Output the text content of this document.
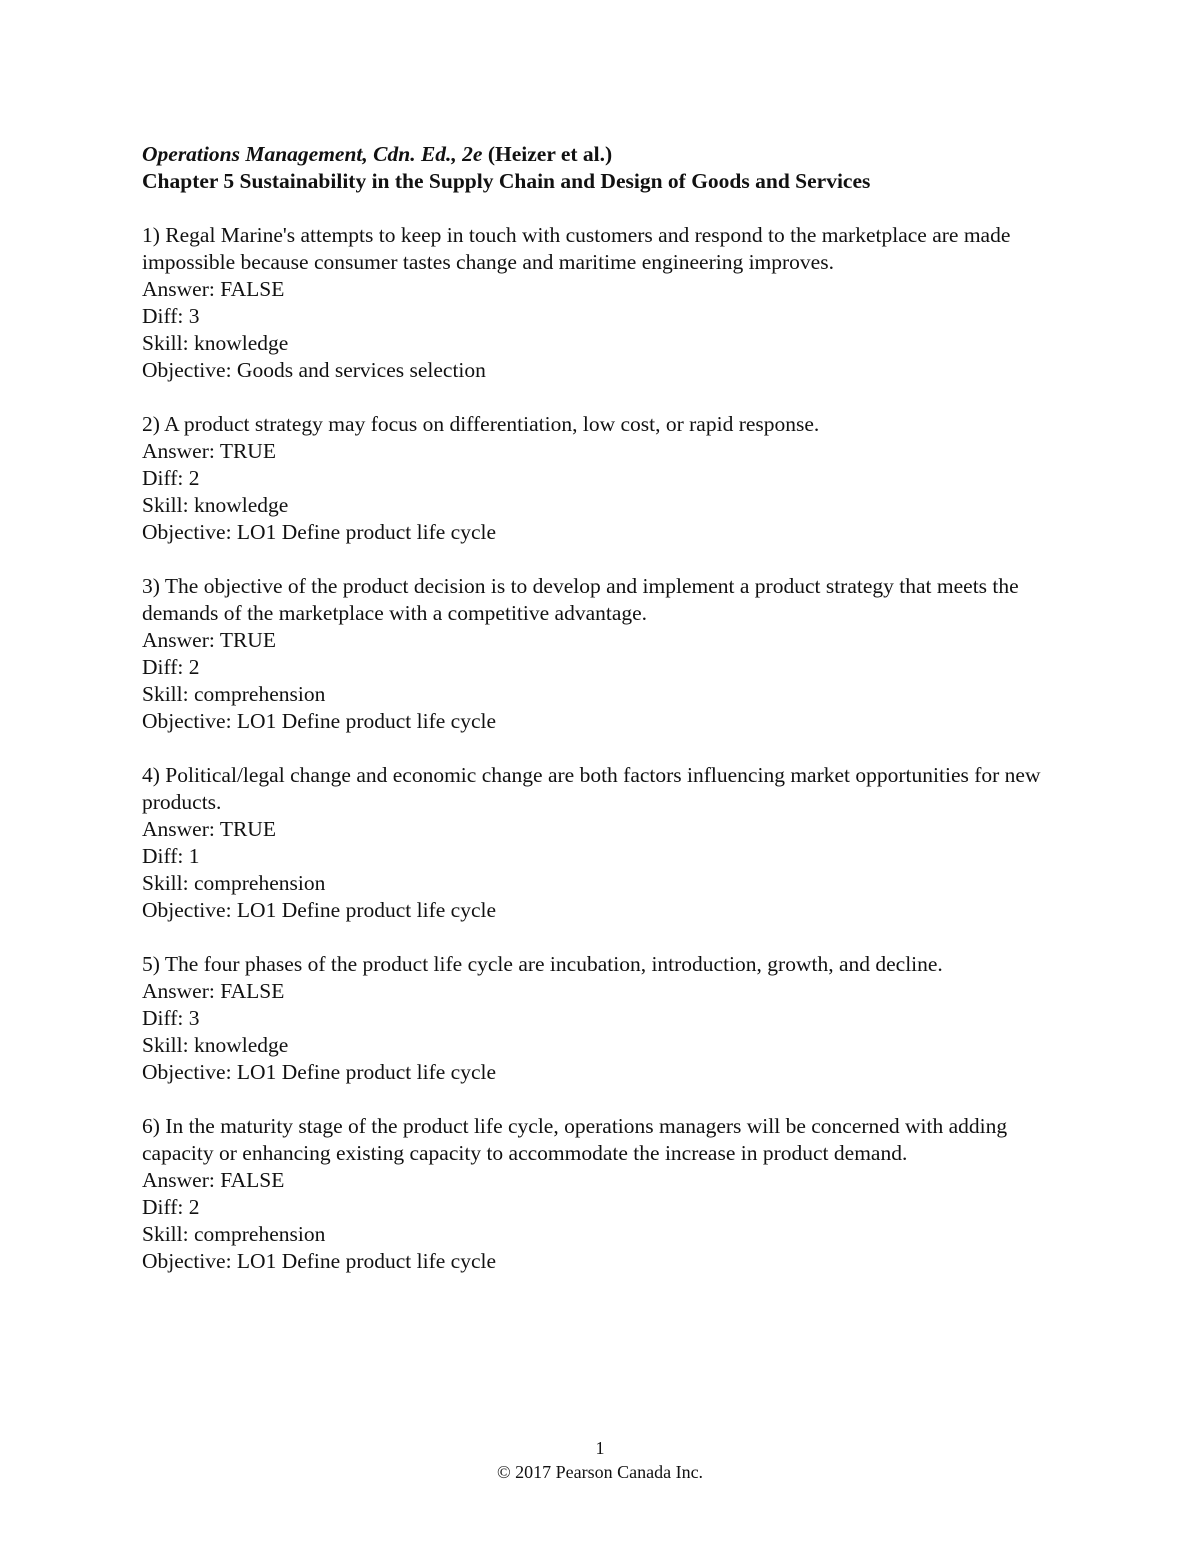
Operations Management, Cdn. Ed., 2e (Heizer et al.)

Chapter 5 Sustainability in the Supply Chain and Design of Goods and Services

1) Regal Marine's attempts to keep in touch with customers and respond to the marketplace are made impossible because consumer tastes change and maritime engineering improves.

Answer: FALSE

Diff: 3

Skill: knowledge

Objective: Goods and services selection

2) A product strategy may focus on differentiation, low cost, or rapid response.

Answer: TRUE

Diff: 2

Skill: knowledge

Objective: LO1 Define product life cycle

3) The objective of the product decision is to develop and implement a product strategy that meets the demands of the marketplace with a competitive advantage.

Answer: TRUE

Diff: 2

Skill: comprehension

Objective: LO1 Define product life cycle

4) Political/legal change and economic change are both factors influencing market opportunities for new products.

Answer: TRUE

Diff: 1

Skill: comprehension

Objective: LO1 Define product life cycle

5) The four phases of the product life cycle are incubation, introduction, growth, and decline.

Answer: FALSE

Diff: 3

Skill: knowledge

Objective: LO1 Define product life cycle

6) In the maturity stage of the product life cycle, operations managers will be concerned with adding capacity or enhancing existing capacity to accommodate the increase in product demand.

Answer: FALSE

Diff: 2

Skill: comprehension

Objective: LO1 Define product life cycle

1
© 2017 Pearson Canada Inc.
